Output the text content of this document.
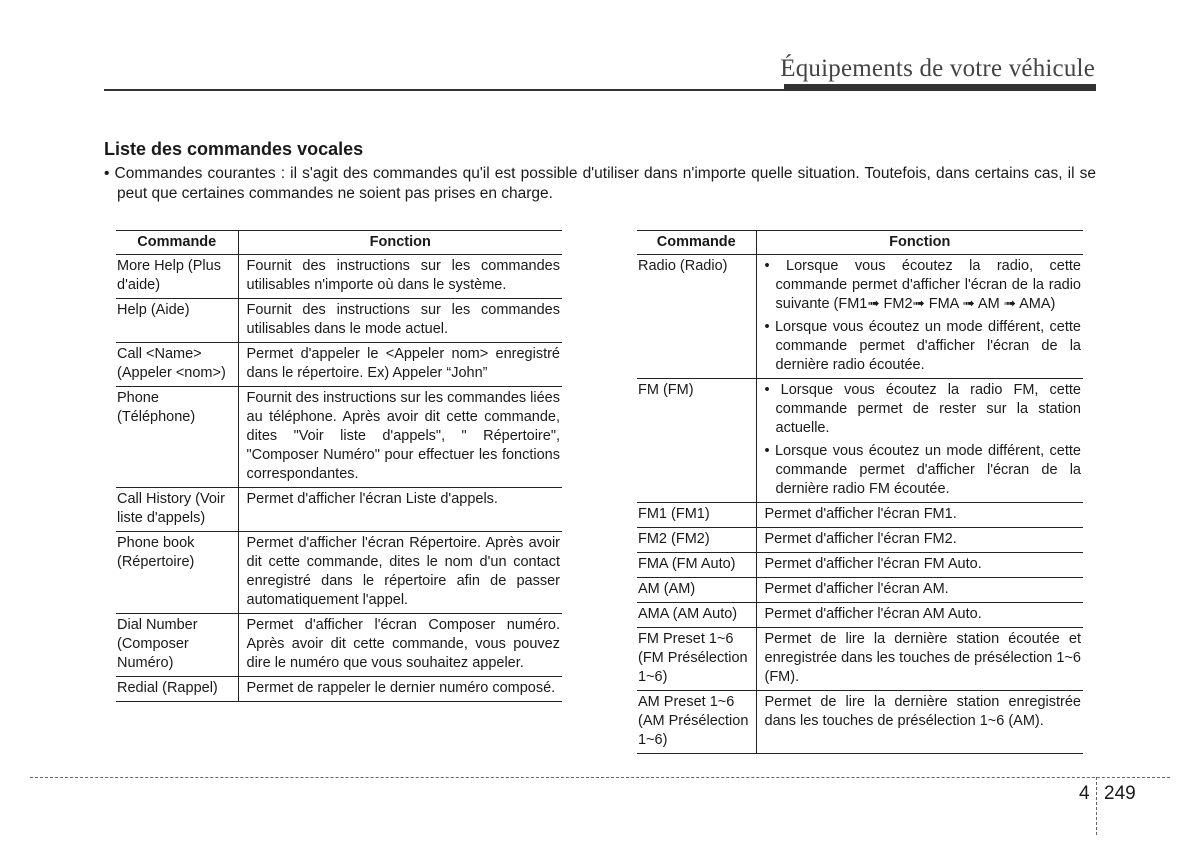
Équipements de votre véhicule
Liste des commandes vocales
• Commandes courantes : il s'agit des commandes qu'il est possible d'utiliser dans n'importe quelle situation. Toutefois, dans certains cas, il se peut que certaines commandes ne soient pas prises en charge.
Commande	Fonction
More Help (Plus d'aide)	Fournit des instructions sur les commandes utilisables n'importe où dans le système.
Help (Aide)	Fournit des instructions sur les commandes utilisables dans le mode actuel.
Call <Name> (Appeler <nom>)	Permet d'appeler le <Appeler nom> enregistré dans le répertoire. Ex) Appeler “John”
Phone (Téléphone)	Fournit des instructions sur les commandes liées au téléphone. Après avoir dit cette commande, dites "Voir liste d'appels", " Répertoire", "Composer Numéro" pour effectuer les fonctions correspondantes.
Call History (Voir liste d'appels)	Permet d'afficher l'écran Liste d'appels.
Phone book (Répertoire)	Permet d'afficher l'écran Répertoire. Après avoir dit cette commande, dites le nom d'un contact enregistré dans le répertoire afin de passer automatiquement l'appel.
Dial Number (Composer Numéro)	Permet d'afficher l'écran Composer numéro. Après avoir dit cette commande, vous pouvez dire le numéro que vous souhaitez appeler.
Redial (Rappel)	Permet de rappeler le dernier numéro composé.
Commande	Fonction
Radio (Radio)	• Lorsque vous écoutez la radio, cette commande permet d'afficher l'écran de la radio suivante (FM1➟ FM2➟ FMA ➟ AM ➟ AMA)

• Lorsque vous écoutez un mode différent, cette commande permet d'afficher l'écran de la dernière radio écoutée.

FM (FM)	• Lorsque vous écoutez la radio FM, cette commande permet de rester sur la station actuelle.

• Lorsque vous écoutez un mode différent, cette commande permet d'afficher l'écran de la dernière radio FM écoutée.

FM1 (FM1)	Permet d'afficher l'écran FM1.
FM2 (FM2)	Permet d'afficher l'écran FM2.
FMA (FM Auto)	Permet d'afficher l'écran FM Auto.
AM (AM)	Permet d'afficher l'écran AM.
AMA (AM Auto)	Permet d'afficher l'écran AM Auto.
FM Preset 1~6 (FM Présélection 1~6)	Permet de lire la dernière station écoutée et enregistrée dans les touches de présélection 1~6 (FM).
AM Preset 1~6 (AM Présélection 1~6)	Permet de lire la dernière station enregistrée dans les touches de présélection 1~6 (AM).
4 249
